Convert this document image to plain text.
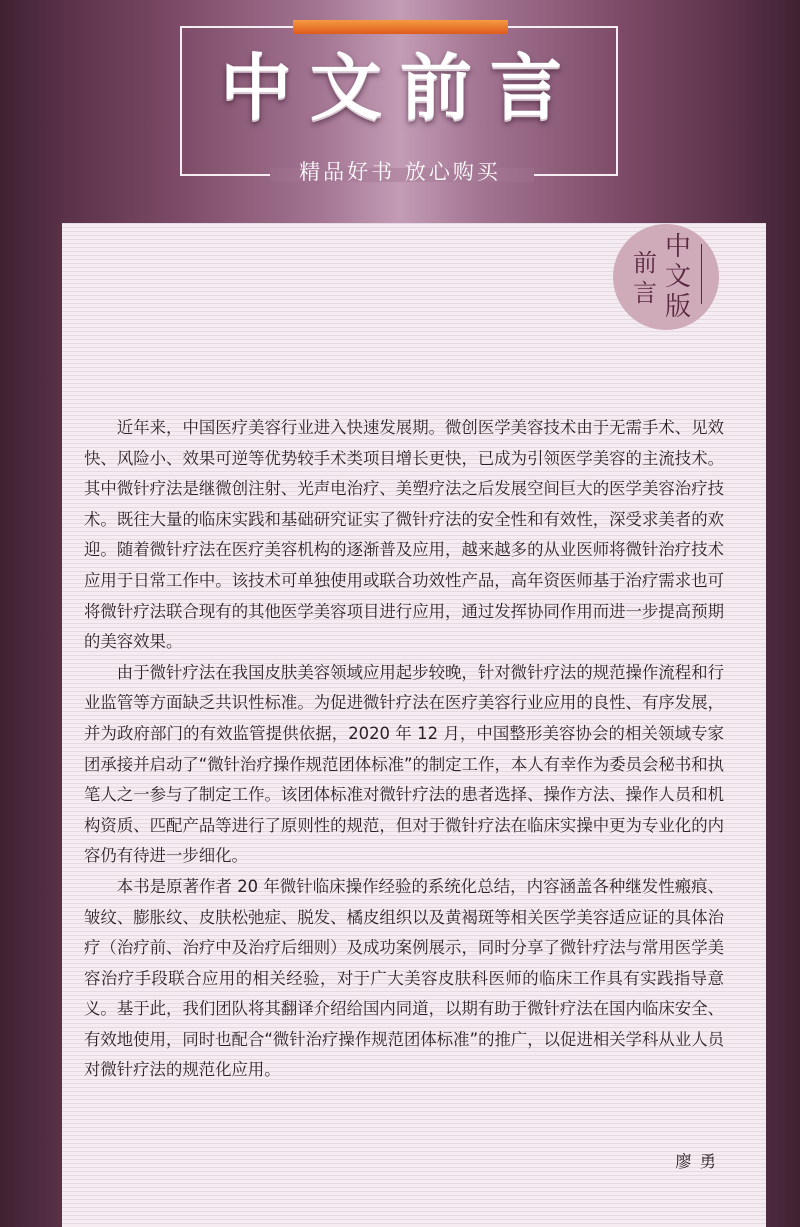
中文前言
精品好书 放心购买
中文版
前言

近年来，中国医疗美容行业进入快速发展期。微创医学美容技术由于无需手术、见效快、风险小、效果可逆等优势较手术类项目增长更快，已成为引领医学美容的主流技术。其中微针疗法是继微创注射、光声电治疗、美塑疗法之后发展空间巨大的医学美容治疗技术。既往大量的临床实践和基础研究证实了微针疗法的安全性和有效性，深受求美者的欢迎。随着微针疗法在医疗美容机构的逐渐普及应用，越来越多的从业医师将微针治疗技术应用于日常工作中。该技术可单独使用或联合功效性产品，高年资医师基于治疗需求也可将微针疗法联合现有的其他医学美容项目进行应用，通过发挥协同作用而进一步提高预期的美容效果。

由于微针疗法在我国皮肤美容领域应用起步较晚，针对微针疗法的规范操作流程和行业监管等方面缺乏共识性标准。为促进微针疗法在医疗美容行业应用的良性、有序发展，并为政府部门的有效监管提供依据，2020 年 12 月，中国整形美容协会的相关领域专家团承接并启动了“微针治疗操作规范团体标准”的制定工作，本人有幸作为委员会秘书和执笔人之一参与了制定工作。该团体标准对微针疗法的患者选择、操作方法、操作人员和机构资质、匹配产品等进行了原则性的规范，但对于微针疗法在临床实操中更为专业化的内容仍有待进一步细化。

本书是原著作者 20 年微针临床操作经验的系统化总结，内容涵盖各种继发性瘢痕、皱纹、膨胀纹、皮肤松弛症、脱发、橘皮组织以及黄褐斑等相关医学美容适应证的具体治疗（治疗前、治疗中及治疗后细则）及成功案例展示，同时分享了微针疗法与常用医学美容治疗手段联合应用的相关经验，对于广大美容皮肤科医师的临床工作具有实践指导意义。基于此，我们团队将其翻译介绍给国内同道，以期有助于微针疗法在国内临床安全、有效地使用，同时也配合“微针治疗操作规范团体标准”的推广，以促进相关学科从业人员对微针疗法的规范化应用。

廖勇
